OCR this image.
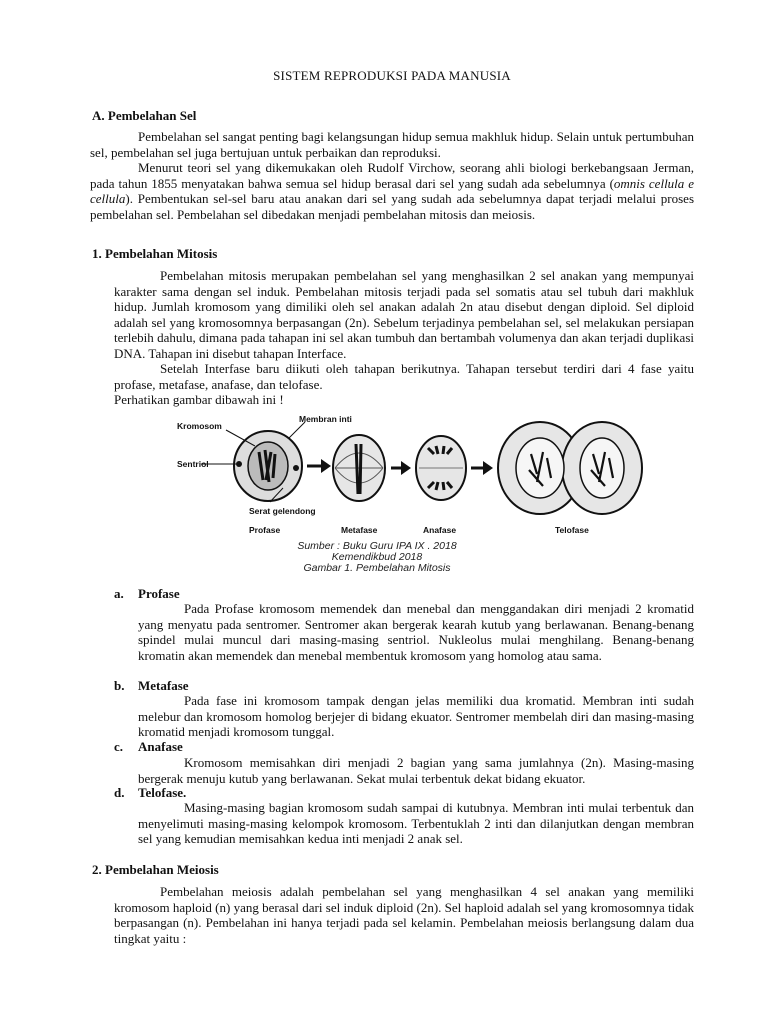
SISTEM REPRODUKSI PADA MANUSIA
A. Pembelahan Sel
Pembelahan sel sangat penting bagi kelangsungan hidup semua makhluk hidup. Selain untuk pertumbuhan sel, pembelahan sel juga bertujuan untuk perbaikan dan reproduksi.
Menurut teori sel yang dikemukakan oleh Rudolf Virchow, seorang ahli biologi berkebangsaan Jerman, pada tahun 1855 menyatakan bahwa semua sel hidup berasal dari sel yang sudah ada sebelumnya (omnis cellula e cellula). Pembentukan sel-sel baru atau anakan dari sel yang sudah ada sebelumnya dapat terjadi melalui proses pembelahan sel. Pembelahan sel dibedakan menjadi pembelahan mitosis dan meiosis.
1. Pembelahan Mitosis
Pembelahan mitosis merupakan pembelahan sel yang menghasilkan 2 sel anakan yang mempunyai karakter sama dengan sel induk. Pembelahan mitosis terjadi pada sel somatis atau sel tubuh dari makhluk hidup. Jumlah kromosom yang dimiliki oleh sel anakan adalah 2n atau disebut dengan diploid. Sel diploid adalah sel yang kromosomnya berpasangan (2n). Sebelum terjadinya pembelahan sel, sel melakukan persiapan terlebih dahulu, dimana pada tahapan ini sel akan tumbuh dan bertambah volumenya dan akan terjadi duplikasi DNA. Tahapan ini disebut tahapan Interface.
Setelah Interfase baru diikuti oleh tahapan berikutnya. Tahapan tersebut terdiri dari 4 fase yaitu profase, metafase, anafase, dan telofase.
Perhatikan gambar dibawah ini !
a. Profase
Pada Profase kromosom memendek dan menebal dan menggandakan diri menjadi 2 kromatid yang menyatu pada sentromer. Sentromer akan bergerak kearah kutub yang berlawanan. Benang-benang spindel mulai muncul dari masing-masing sentriol. Nukleolus mulai menghilang. Benang-benang kromatin akan memendek dan menebal membentuk kromosom yang homolog atau sama.
b. Metafase
Pada fase ini kromosom tampak dengan jelas memiliki dua kromatid. Membran inti sudah melebur dan kromosom homolog berjejer di bidang ekuator. Sentromer membelah diri dan masing-masing kromatid menjadi kromosom tunggal.
c. Anafase
Kromosom memisahkan diri menjadi 2 bagian yang sama jumlahnya (2n). Masing-masing bergerak menuju kutub yang berlawanan. Sekat mulai terbentuk dekat bidang ekuator.
d. Telofase.
Masing-masing bagian kromosom sudah sampai di kutubnya. Membran inti mulai terbentuk dan menyelimuti masing-masing kelompok kromosom. Terbentuklah 2 inti dan dilanjutkan dengan membran sel yang kemudian memisahkan kedua inti menjadi 2 anak sel.
2. Pembelahan Meiosis
Pembelahan meiosis adalah pembelahan sel yang menghasilkan 4 sel anakan yang memiliki kromosom haploid (n) yang berasal dari sel induk diploid (2n). Sel haploid adalah sel yang kromosomnya tidak berpasangan (n). Pembelahan ini hanya terjadi pada sel kelamin. Pembelahan meiosis berlangsung dalam dua tingkat yaitu :
Kromosom
Membran inti
Sentriol
Serat gelendong
Profase	Metafase	Anafase	Telofase
Sumber : Buku Guru IPA IX . 2018
Kemendikbud 2018
Gambar 1. Pembelahan Mitosis
